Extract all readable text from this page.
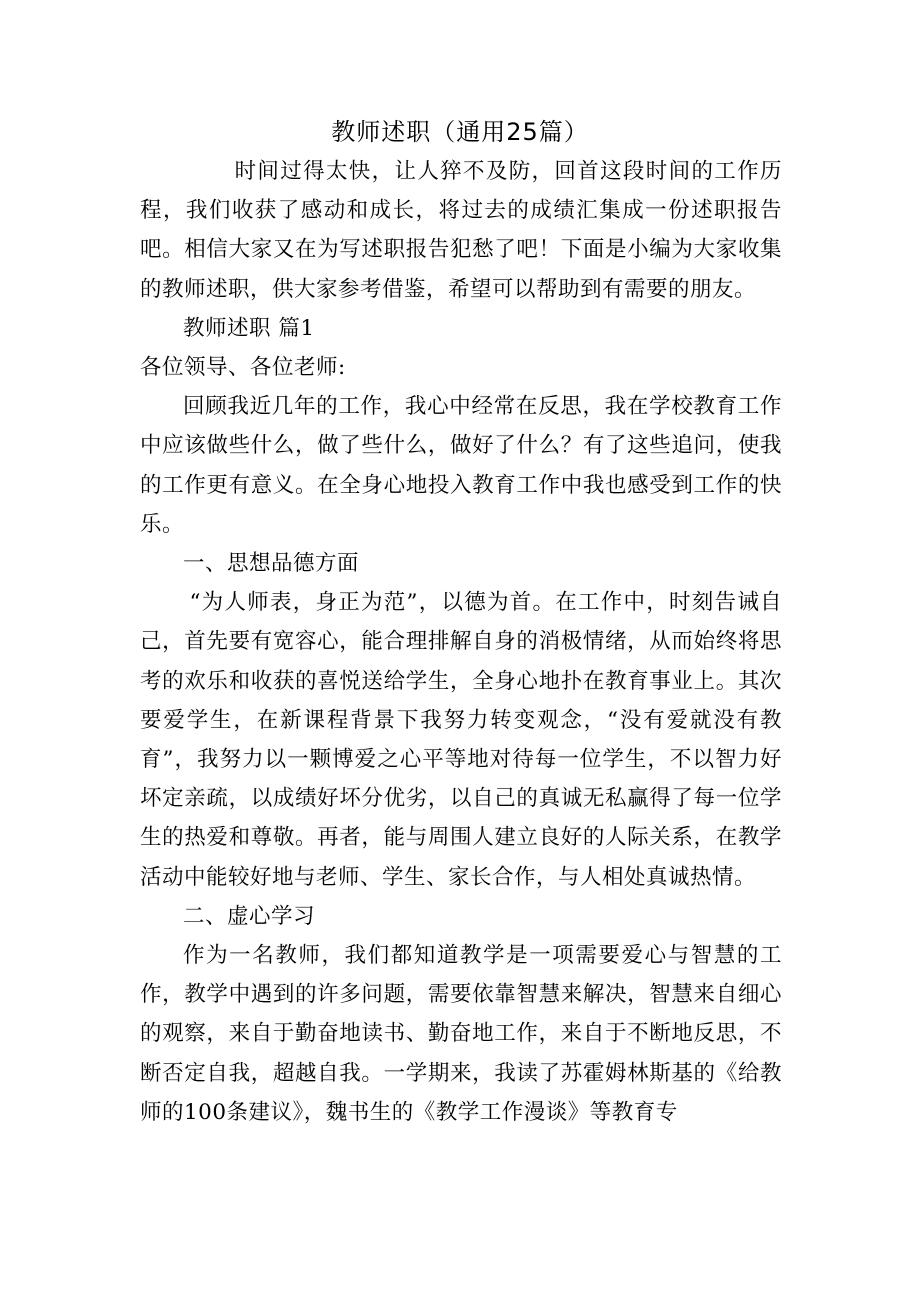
教师述职（通用25篇）

时间过得太快，让人猝不及防，回首这段时间的工作历程，我们收获了感动和成长，将过去的成绩汇集成一份述职报告吧。相信大家又在为写述职报告犯愁了吧！下面是小编为大家收集的教师述职，供大家参考借鉴，希望可以帮助到有需要的朋友。

教师述职 篇1

各位领导、各位老师:

回顾我近几年的工作，我心中经常在反思，我在学校教育工作中应该做些什么，做了些什么，做好了什么？有了这些追问，使我的工作更有意义。在全身心地投入教育工作中我也感受到工作的快乐。

一、思想品德方面

“为人师表，身正为范”，以德为首。在工作中，时刻告诫自己，首先要有宽容心，能合理排解自身的消极情绪，从而始终将思考的欢乐和收获的喜悦送给学生，全身心地扑在教育事业上。其次要爱学生，在新课程背景下我努力转变观念，“没有爱就没有教育”，我努力以一颗博爱之心平等地对待每一位学生，不以智力好坏定亲疏，以成绩好坏分优劣，以自己的真诚无私赢得了每一位学生的热爱和尊敬。再者，能与周围人建立良好的人际关系，在教学活动中能较好地与老师、学生、家长合作，与人相处真诚热情。

二、虚心学习

作为一名教师，我们都知道教学是一项需要爱心与智慧的工作，教学中遇到的许多问题，需要依靠智慧来解决，智慧来自细心的观察，来自于勤奋地读书、勤奋地工作，来自于不断地反思，不断否定自我，超越自我。一学期来，我读了苏霍姆林斯基的《给教师的100条建议》，魏书生的《教学工作漫谈》等教育专
